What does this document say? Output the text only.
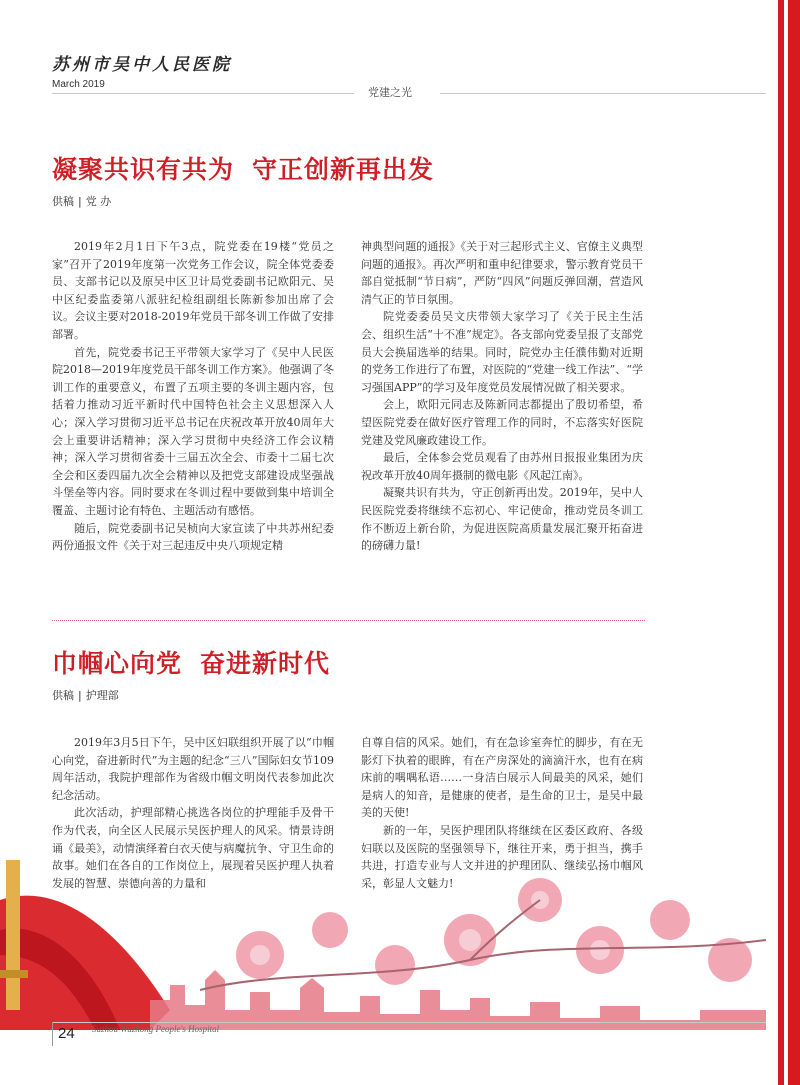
苏州市吴中人民医院
March 2019
党建之光
凝聚共识有共为 守正创新再出发
供稿 | 党 办

2019年2月1日下午3点，院党委在19楼“党员之家”召开了2019年度第一次党务工作会议，院全体党委委员、支部书记以及原吴中区卫计局党委副书记欧阳元、吴中区纪委监委第八派驻纪检组副组长陈新参加出席了会议。会议主要对2018-2019年党员干部冬训工作做了安排部署。

首先，院党委书记王平带领大家学习了《吴中人民医院2018—2019年度党员干部冬训工作方案》。他强调了冬训工作的重要意义，布置了五项主要的冬训主题内容，包括着力推动习近平新时代中国特色社会主义思想深入人心；深入学习贯彻习近平总书记在庆祝改革开放40周年大会上重要讲话精神；深入学习贯彻中央经济工作会议精神；深入学习贯彻省委十三届五次全会、市委十二届七次全会和区委四届九次全会精神以及把党支部建设成坚强战斗堡垒等内容。同时要求在冬训过程中要做到集中培训全覆盖、主题讨论有特色、主题活动有感悟。

随后，院党委副书记吴桢向大家宣读了中共苏州纪委两份通报文件《关于对三起违反中央八项规定精

神典型问题的通报》《关于对三起形式主义、官僚主义典型问题的通报》。再次严明和重申纪律要求，警示教育党员干部自觉抵制“节日病”，严防“四风”问题反弹回潮，营造风清气正的节日氛围。

院党委委员吴文庆带领大家学习了《关于民主生活会、组织生活“十不准”规定》。各支部向党委呈报了支部党员大会换届选举的结果。同时，院党办主任濮伟勤对近期的党务工作进行了布置，对医院的“党建一线工作法”、“学习强国APP”的学习及年度党员发展情况做了相关要求。

会上，欧阳元同志及陈新同志都提出了殷切希望，希望医院党委在做好医疗管理工作的同时，不忘落实好医院党建及党风廉政建设工作。

最后，全体参会党员观看了由苏州日报报业集团为庆祝改革开放40周年摄制的微电影《风起江南》。

凝聚共识有共为，守正创新再出发。2019年，吴中人民医院党委将继续不忘初心、牢记使命，推动党员冬训工作不断迈上新台阶，为促进医院高质量发展汇聚开拓奋进的磅礴力量!

巾帼心向党 奋进新时代
供稿 | 护理部

2019年3月5日下午，吴中区妇联组织开展了以“巾帼心向党，奋进新时代”为主题的纪念“三八”国际妇女节109周年活动，我院护理部作为省级巾帼文明岗代表参加此次纪念活动。

此次活动，护理部精心挑选各岗位的护理能手及骨干作为代表，向全区人民展示吴医护理人的风采。情景诗朗诵《最美》，动情演绎着白衣天使与病魔抗争、守卫生命的故事。她们在各自的工作岗位上，展现着吴医护理人执着发展的智慧、崇德向善的力量和

自尊自信的风采。她们，有在急诊室奔忙的脚步，有在无影灯下执着的眼眸，有在产房深处的滴滴汗水，也有在病床前的喁喁私语……一身洁白展示人间最美的风采，她们是病人的知音，是健康的使者，是生命的卫士，是吴中最美的天使!

新的一年，吴医护理团队将继续在区委区政府、各级妇联以及医院的坚强领导下，继往开来，勇于担当，携手共进，打造专业与人文并进的护理团队、继续弘扬巾帼风采，彰显人文魅力!

24 Suzhou Wuzhong People's Hospital
